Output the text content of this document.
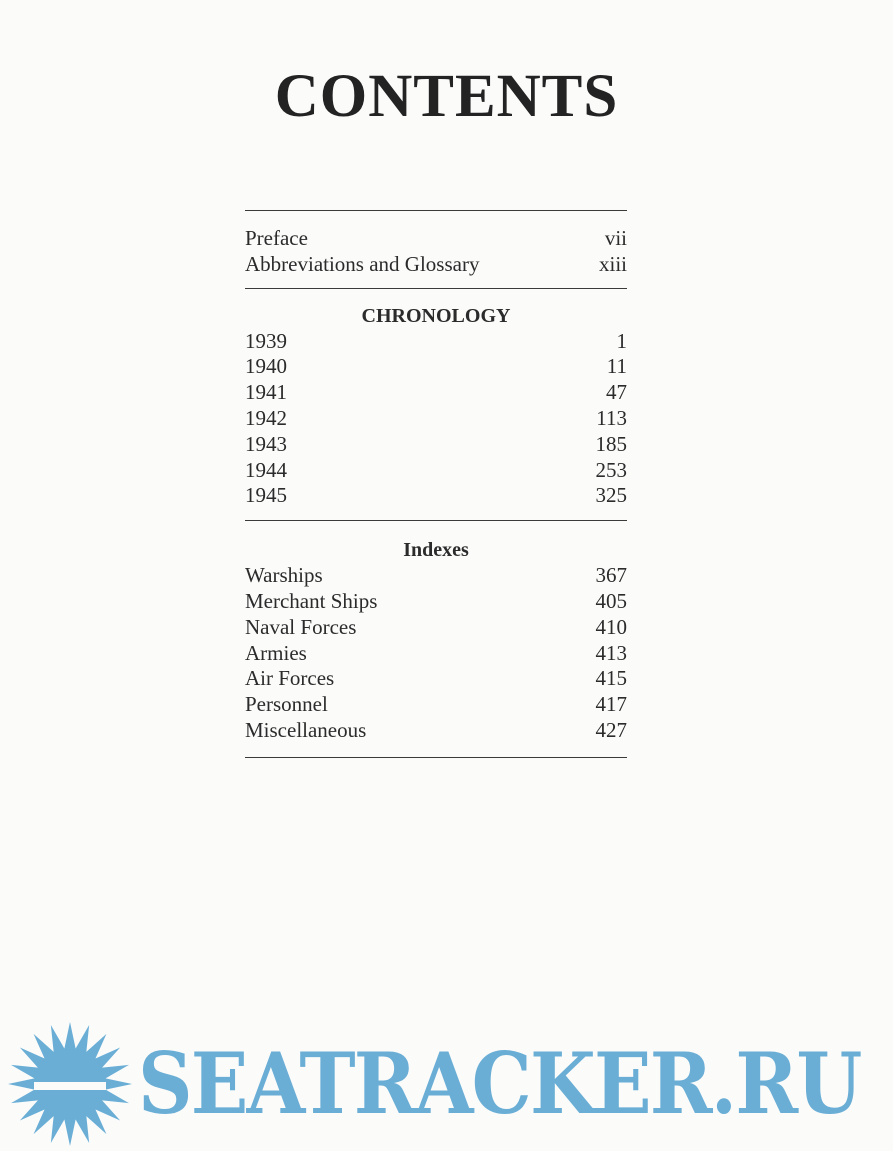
CONTENTS
Preface	vii
Abbreviations and Glossary	xiii
CHRONOLOGY
1939	1
1940	11
1941	47
1942	113
1943	185
1944	253
1945	325
Indexes
Warships	367
Merchant Ships	405
Naval Forces	410
Armies	413
Air Forces	415
Personnel	417
Miscellaneous	427
SEATRACKER.RU
